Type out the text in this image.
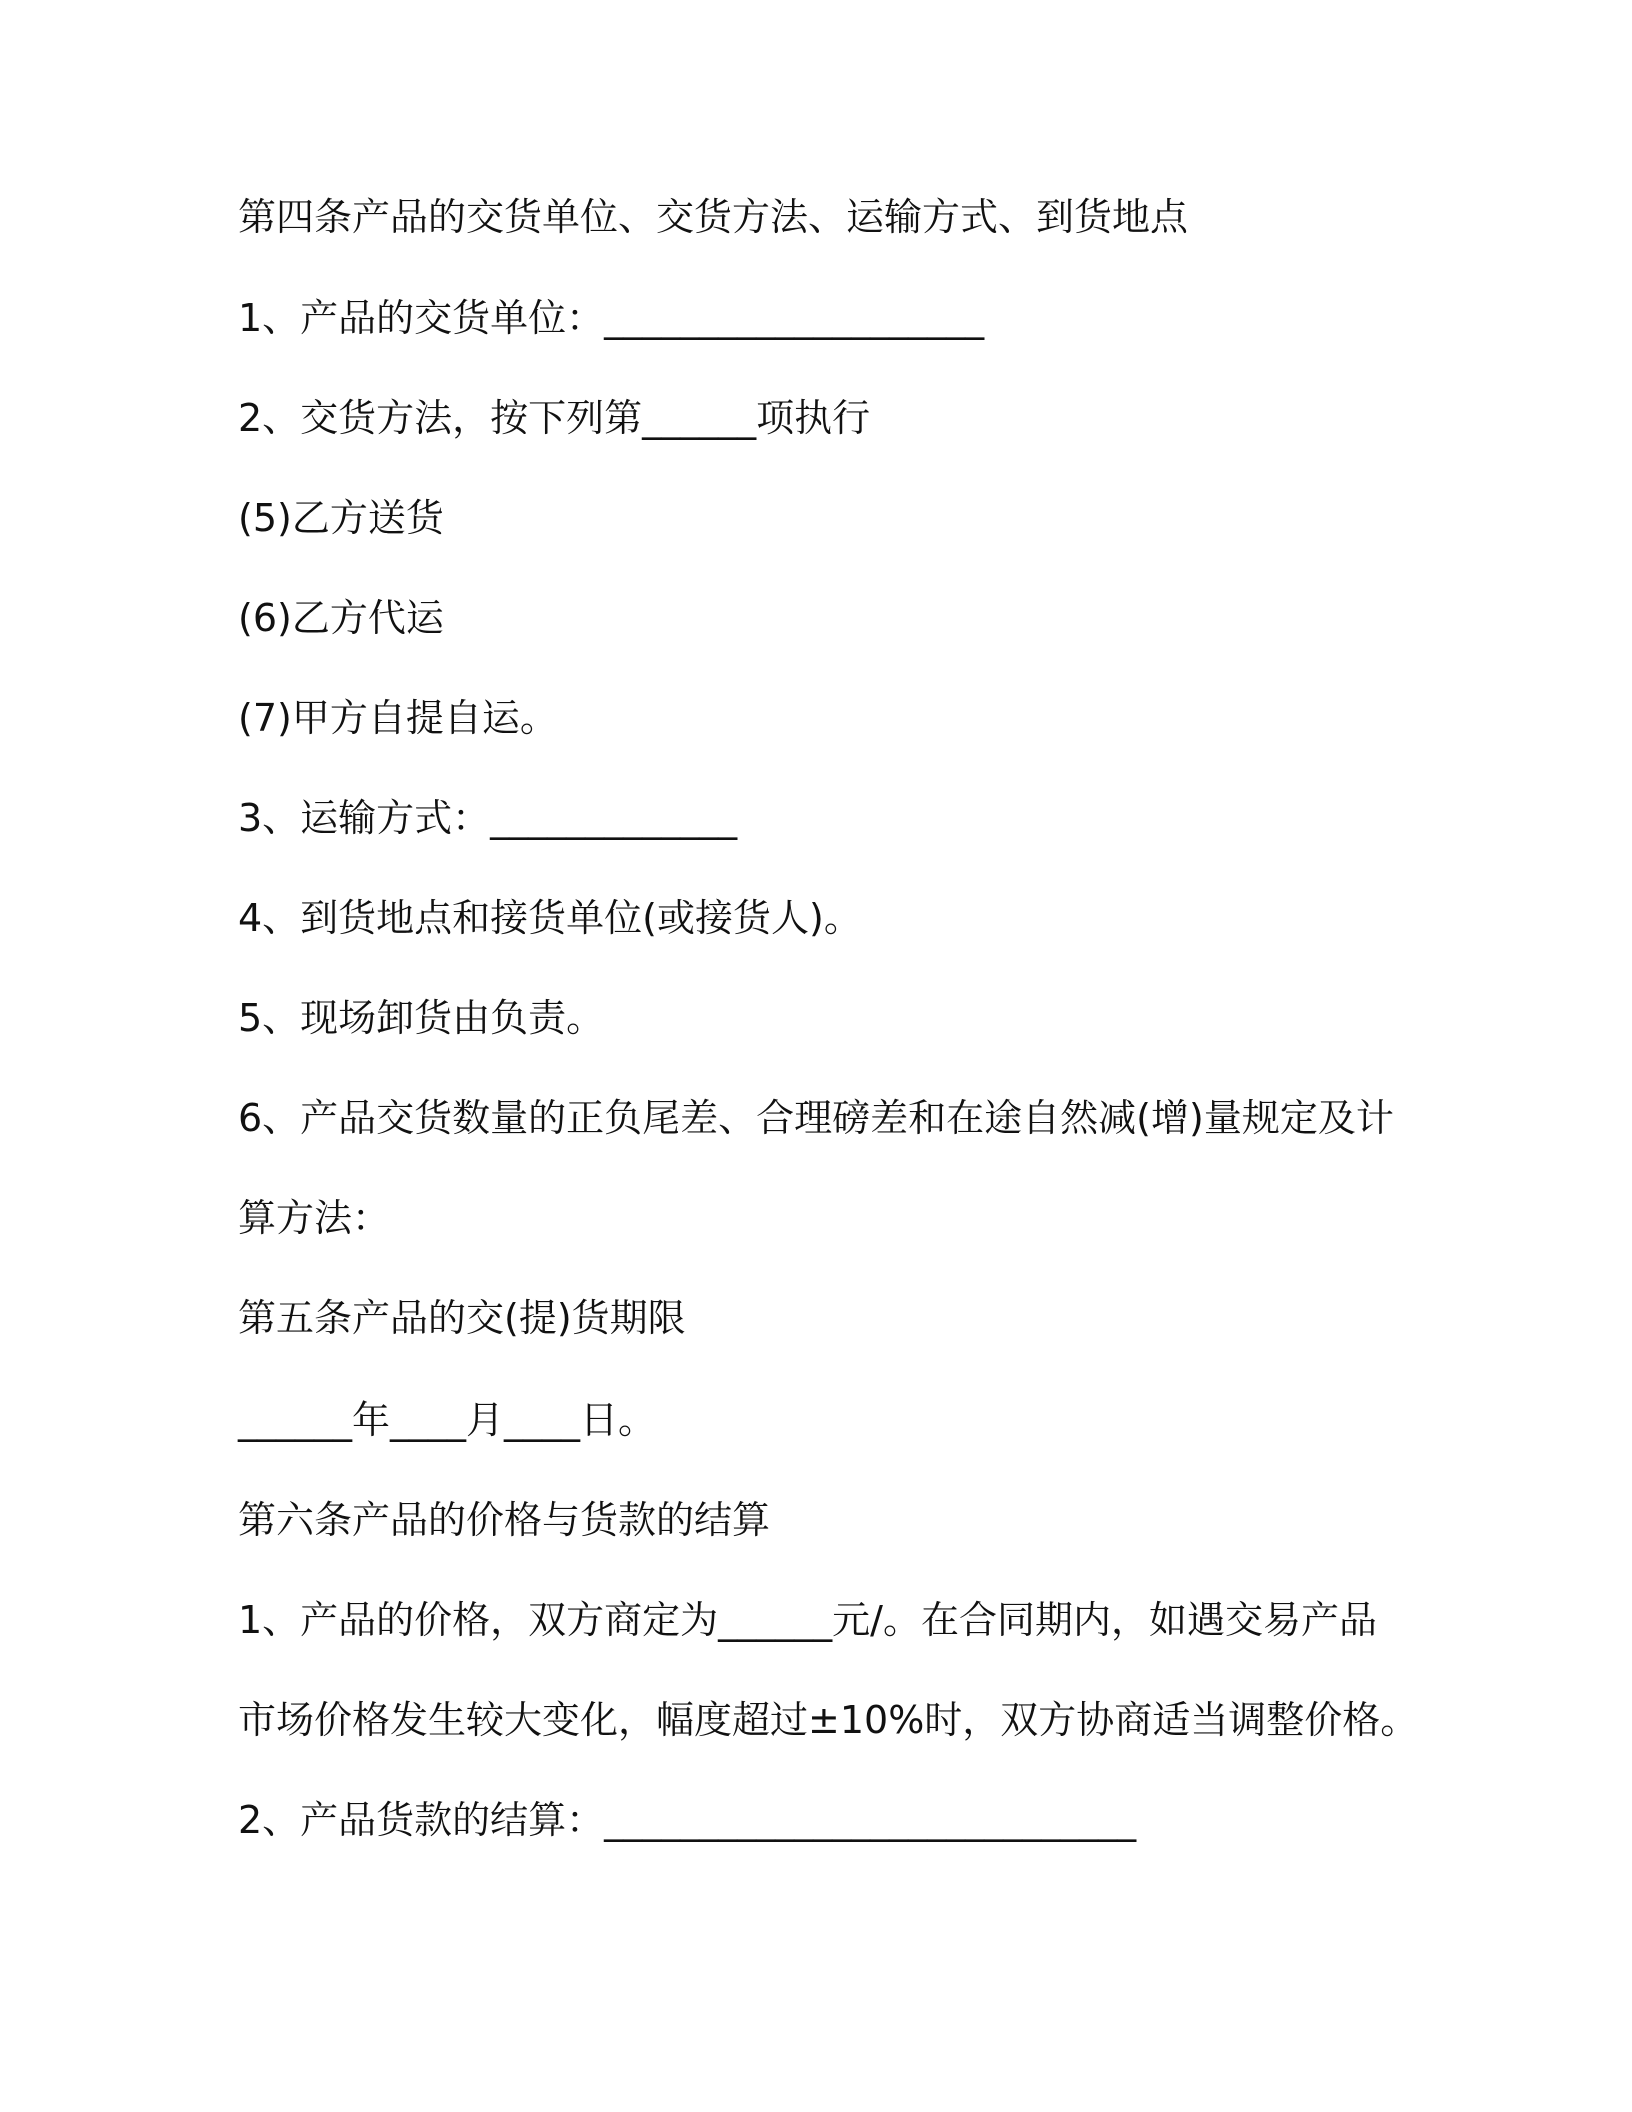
第四条产品的交货单位、交货方法、运输方式、到货地点
1、产品的交货单位：____________________
2、交货方法，按下列第______项执行
(5)乙方送货
(6)乙方代运
(7)甲方自提自运。
3、运输方式：_____________
4、到货地点和接货单位(或接货人)。
5、现场卸货由负责。
6、产品交货数量的正负尾差、合理磅差和在途自然减(增)量规定及计
算方法：
第五条产品的交(提)货期限
______年____月____日。
第六条产品的价格与货款的结算
1、产品的价格，双方商定为______元/。在合同期内，如遇交易产品
市场价格发生较大变化，幅度超过±10%时，双方协商适当调整价格。
2、产品货款的结算：____________________________
